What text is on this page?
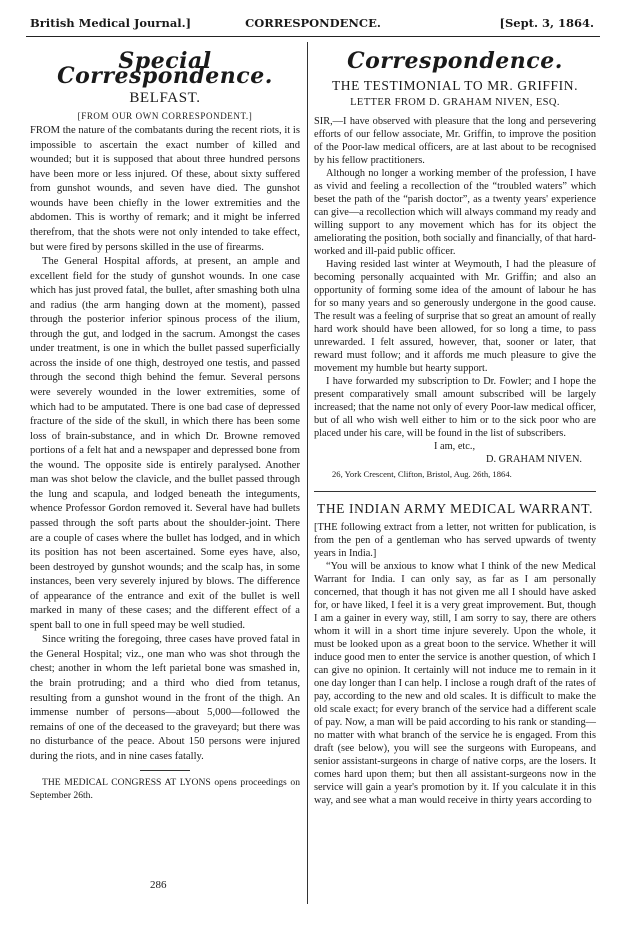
British Medical Journal.]	CORRESPONDENCE.	[Sept. 3, 1864.
Special Correspondence.
BELFAST.
[FROM OUR OWN CORRESPONDENT.]

FROM the nature of the combatants during the recent riots, it is impossible to ascertain the exact number of killed and wounded; but it is supposed that about three hundred persons have been more or less injured. Of these, about sixty suffered from gunshot wounds, and seven have died. The gunshot wounds have been chiefly in the lower extremities and the abdomen. This is worthy of remark; and it might be inferred therefrom, that the shots were not only intended to take effect, but were fired by persons skilled in the use of firearms.

The General Hospital affords, at present, an ample and excellent field for the study of gunshot wounds. In one case which has just proved fatal, the bullet, after smashing both ulna and radius (the arm hanging down at the moment), passed through the posterior inferior spinous process of the ilium, through the gut, and lodged in the sacrum. Amongst the cases under treatment, is one in which the bullet passed superficially across the inside of one thigh, destroyed one testis, and passed through the second thigh behind the femur. Several persons were severely wounded in the lower extremities, some of which had to be amputated. There is one bad case of depressed fracture of the side of the skull, in which there has been some loss of brain-substance, and in which Dr. Browne removed portions of a felt hat and a newspaper and depressed bone from the wound. The opposite side is entirely paralysed. Another man was shot below the clavicle, and the bullet passed through the lung and scapula, and lodged beneath the integuments, whence Professor Gordon removed it. Several have had bullets passed through the soft parts about the shoulder-joint. There are a couple of cases where the bullet has lodged, and in which its position has not been ascertained. Some eyes have, also, been destroyed by gunshot wounds; and the scalp has, in some instances, been very severely injured by blows. The difference of appearance of the entrance and exit of the bullet is well marked in many of these cases; and the different effect of a spent ball to one in full speed may be well studied.

Since writing the foregoing, three cases have proved fatal in the General Hospital; viz., one man who was shot through the chest; another in whom the left parietal bone was smashed in, the brain protruding; and a third who died from tetanus, resulting from a gunshot wound in the front of the thigh. An immense number of persons—about 5,000—followed the remains of one of the deceased to the graveyard; but there was no disturbance of the peace. About 150 persons were injured during the riots, and in nine cases fatally.

THE MEDICAL CONGRESS AT LYONS opens proceedings on September 26th.

Correspondence.
THE TESTIMONIAL TO MR. GRIFFIN.
LETTER FROM D. GRAHAM NIVEN, ESQ.

SIR,—I have observed with pleasure that the long and persevering efforts of our fellow associate, Mr. Griffin, to improve the position of the Poor-law medical officers, are at last about to be recognised by his fellow practitioners.

Although no longer a working member of the profession, I have as vivid and feeling a recollection of the “troubled waters” which beset the path of the “parish doctor”, as a twenty years' experience can give—a recollection which will always command my ready and willing support to any movement which has for its object the ameliorating the position, both socially and financially, of that hard-worked and ill-paid public officer.

Having resided last winter at Weymouth, I had the pleasure of becoming personally acquainted with Mr. Griffin; and also an opportunity of forming some idea of the amount of labour he has for so many years and so generously undergone in the good cause. The result was a feeling of surprise that so great an amount of really hard work should have been allowed, for so long a time, to pass unrewarded. I felt assured, however, that, sooner or later, that reward must follow; and it affords me much pleasure to give the movement my humble but hearty support.

I have forwarded my subscription to Dr. Fowler; and I hope the present comparatively small amount subscribed will be largely increased; that the name not only of every Poor-law medical officer, but of all who wish well either to him or to the sick poor who are placed under his care, will be found in the list of subscribers.

I am, etc.,

D. GRAHAM NIVEN.

26, York Crescent, Clifton, Bristol, Aug. 26th, 1864.

THE INDIAN ARMY MEDICAL WARRANT.

[THE following extract from a letter, not written for publication, is from the pen of a gentleman who has served upwards of twenty years in India.]

“You will be anxious to know what I think of the new Medical Warrant for India. I can only say, as far as I am personally concerned, that though it has not given me all I should have asked for, or have liked, I feel it is a very great improvement. But, though I am a gainer in every way, still, I am sorry to say, there are others whom it will in a short time injure severely. Upon the whole, it must be looked upon as a great boon to the service. Whether it will induce good men to enter the service is another question, of which I can give no opinion. It certainly will not induce me to remain in it one day longer than I can help. I inclose a rough draft of the rates of pay, according to the new and old scales. It is difficult to make the old scale exact; for every branch of the service had a different scale of pay. Now, a man will be paid according to his rank or standing—no matter with what branch of the service he is engaged. From this draft (see below), you will see the surgeons with Europeans, and senior assistant-surgeons in charge of native corps, are the losers. It comes hard upon them; but then all assistant-surgeons now in the service will gain a year's promotion by it. If you calculate it in this way, and see what a man would receive in thirty years according to

286
